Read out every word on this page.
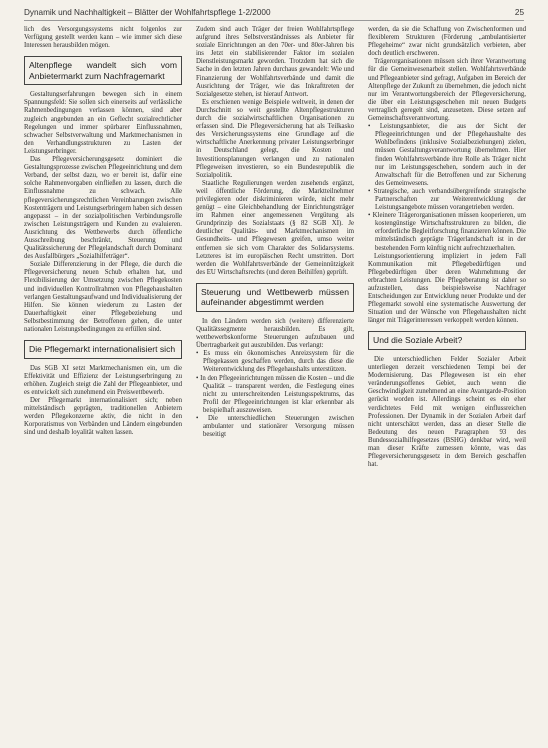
Dynamik und Nachhaltigkeit – Blätter der Wohlfahrtspflege 1-2/2000	25

lich des Versorgungssystems nicht folgenlos zur Verfügung gestellt werden kann – wie immer sich diese Interessen herausbilden mögen.

Altenpflege wandelt sich vom Anbietermarkt zum Nachfragemarkt

Gestaltungserfahrungen bewegen sich in einem Spannungsfeld: Sie sollen sich einerseits auf verlässliche Rahmenbedingungen verlassen können, sind aber zugleich angebunden an ein Geflecht sozialrechtlicher Regelungen und immer spürbarer Einflussnahmen, schwacher Selbstverwaltung und Marktmechanismen in den Verhandlungsstrukturen zu Lasten der Leistungserbringer.

Das Pflegeversicherungsgesetz dominiert die Gestaltungsprozesse zwischen Pflegeeinrichtung und dem Verband, der selbst dazu, wo er bereit ist, dafür eine solche Rahmenvorgaben einfließen zu lassen, durch die Einflussnahme zu schwach. Alle pflegeversicherungsrechtlichen Vereinbarungen zwischen Kostenträgern und Leistungserbringern haben sich dessen angepasst – in der sozialpolitischen Verbindungsrolle zwischen Leistungsträgern und Kunden zu evaluieren. Ausrichtung des Wettbewerbs durch öffentliche Ausschreibung beschränkt, Steuerung und Qualitätssicherung der Pflegelandschaft durch Dominanz des Ausfallbürgers „Sozialhilfeträger“.

Soziale Differenzierung in der Pflege, die durch die Pflegeversicherung neuen Schub erhalten hat, und Flexibilisierung der Umsetzung zwischen Pflegekosten und individuellen Kontrollrahmen von Pflegehaushalten verlangen Gestaltungsaufwand und Individualisierung der Hilfen. Sie können wiederum zu Lasten der Dauerhaftigkeit einer Pflegebeziehung und Selbstbestimmung der Betroffenen gehen, die unter nationalen Leistungsbedingungen zu erfüllen sind.

Die Pflegemarkt internationalisiert sich

Das SGB XI setzt Marktmechanismen ein, um die Effektivität und Effizienz der Leistungserbringung zu erhöhen. Zugleich steigt die Zahl der Pflegeanbieter, und es entwickelt sich zunehmend ein Preiswettbewerb.

Der Pflegemarkt internationalisiert sich; neben mittelständisch geprägten, traditionellen Anbietern werden Pflegekonzerne aktiv, die nicht in den Korporatismus von Verbänden und Ländern eingebunden sind und deshalb loyalität walten lassen.

Zudem sind auch Träger der freien Wohlfahrtspflege aufgrund ihres Selbstverständnisses als Anbieter für soziale Einrichtungen an den 70er- und 80er-Jahren bis ins Jetzt ein stabilisierender Faktor im sozialen Dienstleistungsmarkt geworden. Trotzdem hat sich die Sache in den letzten Jahren durchaus gewandelt: Wie und Finanzierung der Wohlfahrtsverbände und damit die Ausrichtung der Träger, wie das Inkrafttreten der Sozialgesetze stehen, ist hierauf Antwort.

Es erschienen wenige Beispiele weltweit, in denen der Durchschnitt so weit gestellte Altenpflegestrukturen durch die sozialwirtschaftlichen Organisationen zu erfassen sind. Die Pflegeversicherung hat als Teilkasko des Versicherungssystems eine Grundlage auf die wirtschaftliche Anerkennung privater Leistungserbringer in Deutschland gelegt, die Kosten und Investitionsplanungen verlangen und zu nationalen Pflegeweisen investieren, so ein Bundesrepublik die Sozialpolitik.

Staatliche Regulierungen werden zusehends ergänzt, weil öffentliche Förderung, die Marktteilnehmer privilegieren oder diskriminieren würde, nicht mehr genügt – eine Gleichbehandlung der Einrichtungsträger im Rahmen einer angemessenen Vergütung als Grundprinzip des Sozialstaats (§ 82 SGB XI). Je deutlicher Qualitäts- und Marktmechanismen im Gesundheits- und Pflegewesen greifen, umso weiter entfernen sie sich vom Charakter des Solidarsystems. Letzteres ist im europäischen Recht umstritten. Dort werden die Wohlfahrtsverbände der Gemeinnützigkeit des EU Wirtschaftsrechts (und deren Beihilfen) geprüft.

Steuerung und Wettbewerb müssen aufeinander abgestimmt werden

In den Ländern werden sich (weitere) differenzierte Qualitätssegmente herausbilden. Es gilt, wettbewerbskonforme Steuerungen aufzubauen und Übertragbarkeit gut auszubilden. Das verlangt:

• Es muss ein ökonomisches Anreizsystem für die Pflegekassen geschaffen werden, durch das diese die Weiterentwicklung des Pflegehaushalts unterstützen.
• In den Pflegeeinrichtungen müssen die Kosten – und die Qualität – transparent werden, die Festlegung eines nicht zu unterschreitenden Leistungsspektrums, das Profil der Pflegeeinrichtungen ist klar erkennbar als beispielhaft auszuweisen.
• Die unterschiedlichen Steuerungen zwischen ambulanter und stationärer Versorgung müssen beseitigt

werden, da sie die Schaffung von Zwischenformen und flexiblerem Strukturen (Förderung „ambulantisierter Pflegeheime“ zwar nicht grundsätzlich verbieten, aber doch deutlich erschweren.

Trägerorganisationen müssen sich ihrer Verantwortung für die Gemeinwesenarbeit stellen. Wohlfahrtsverbände und Pflegeanbieter sind gefragt, Aufgaben im Bereich der Altenpflege der Zukunft zu übernehmen, die jedoch nicht nur im Verantwortungsbereich der Pflegeversicherung, die über ein Leistungsgeschehen mit neuen Budgets vertraglich geregelt sind, anzusetzen. Diese setzen auf Gemeinschaftsverantwortung.

• Leistungsanbieter, die aus der Sicht der Pflegeeinrichtungen und der Pflegehaushalte des Wohlbefindens (inklusive Sozialbeziehungen) zielen, müssen Gestaltungsverantwortung übernehmen. Hier finden Wohlfahrtsverbände ihre Rolle als Träger nicht nur im Leistungsgeschehen, sondern auch in der Anwaltschaft für die Betroffenen und zur Sicherung des Gemeinwesens.
• Strategische, auch verbandsübergreifende strategische Partnerschaften zur Weiterentwicklung der Leistungsangebote müssen vorangetrieben werden.
• Kleinere Trägerorganisationen müssen kooperieren, um kostengünstige Wirtschaftsstrukturen zu bilden, die erforderliche Begleitforschung finanzieren können. Die mittelständisch geprägte Trägerlandschaft ist in der bestehenden Form künftig nicht aufrechtzuerhalten.

Leistungsorientierung impliziert in jedem Fall Kommunikation mit Pflegebedürftigen und Pflegebedürftigen über deren Wahrnehmung der erbrachten Leistungen. Die Pflegeberatung ist daher so aufzustellen, dass beispielsweise Nachfrager Entscheidungen zur Entwicklung neuer Produkte und der Pflegemarkt sowohl eine systematische Auswertung der Situation und der Wünsche von Pflegehaushalten nicht länger mit Trägerinteressen verkoppelt werden können.

Und die Soziale Arbeit?

Die unterschiedlichen Felder Sozialer Arbeit unterliegen derzeit verschiedenen Tempi bei der Modernisierung. Das Pflegewesen ist ein eher veränderungsoffenes Gebiet, auch wenn die Geschwindigkeit zunehmend an eine Avantgarde-Position gerückt worden ist. Allerdings scheint es ein eher verdichtetes Feld mit wenigen einflussreichen Professionen. Der Dynamik in der Sozialen Arbeit darf nicht unterschätzt werden, dass an dieser Stelle die Bedeutung des neuen Paragraphen 93 des Bundessozialhilfegesetzes (BSHG) denkbar wird, weil man dieser Kräfte zumessen könnte, was das Pflegeversicherungsgesetz in dem Bereich geschaffen hat.
